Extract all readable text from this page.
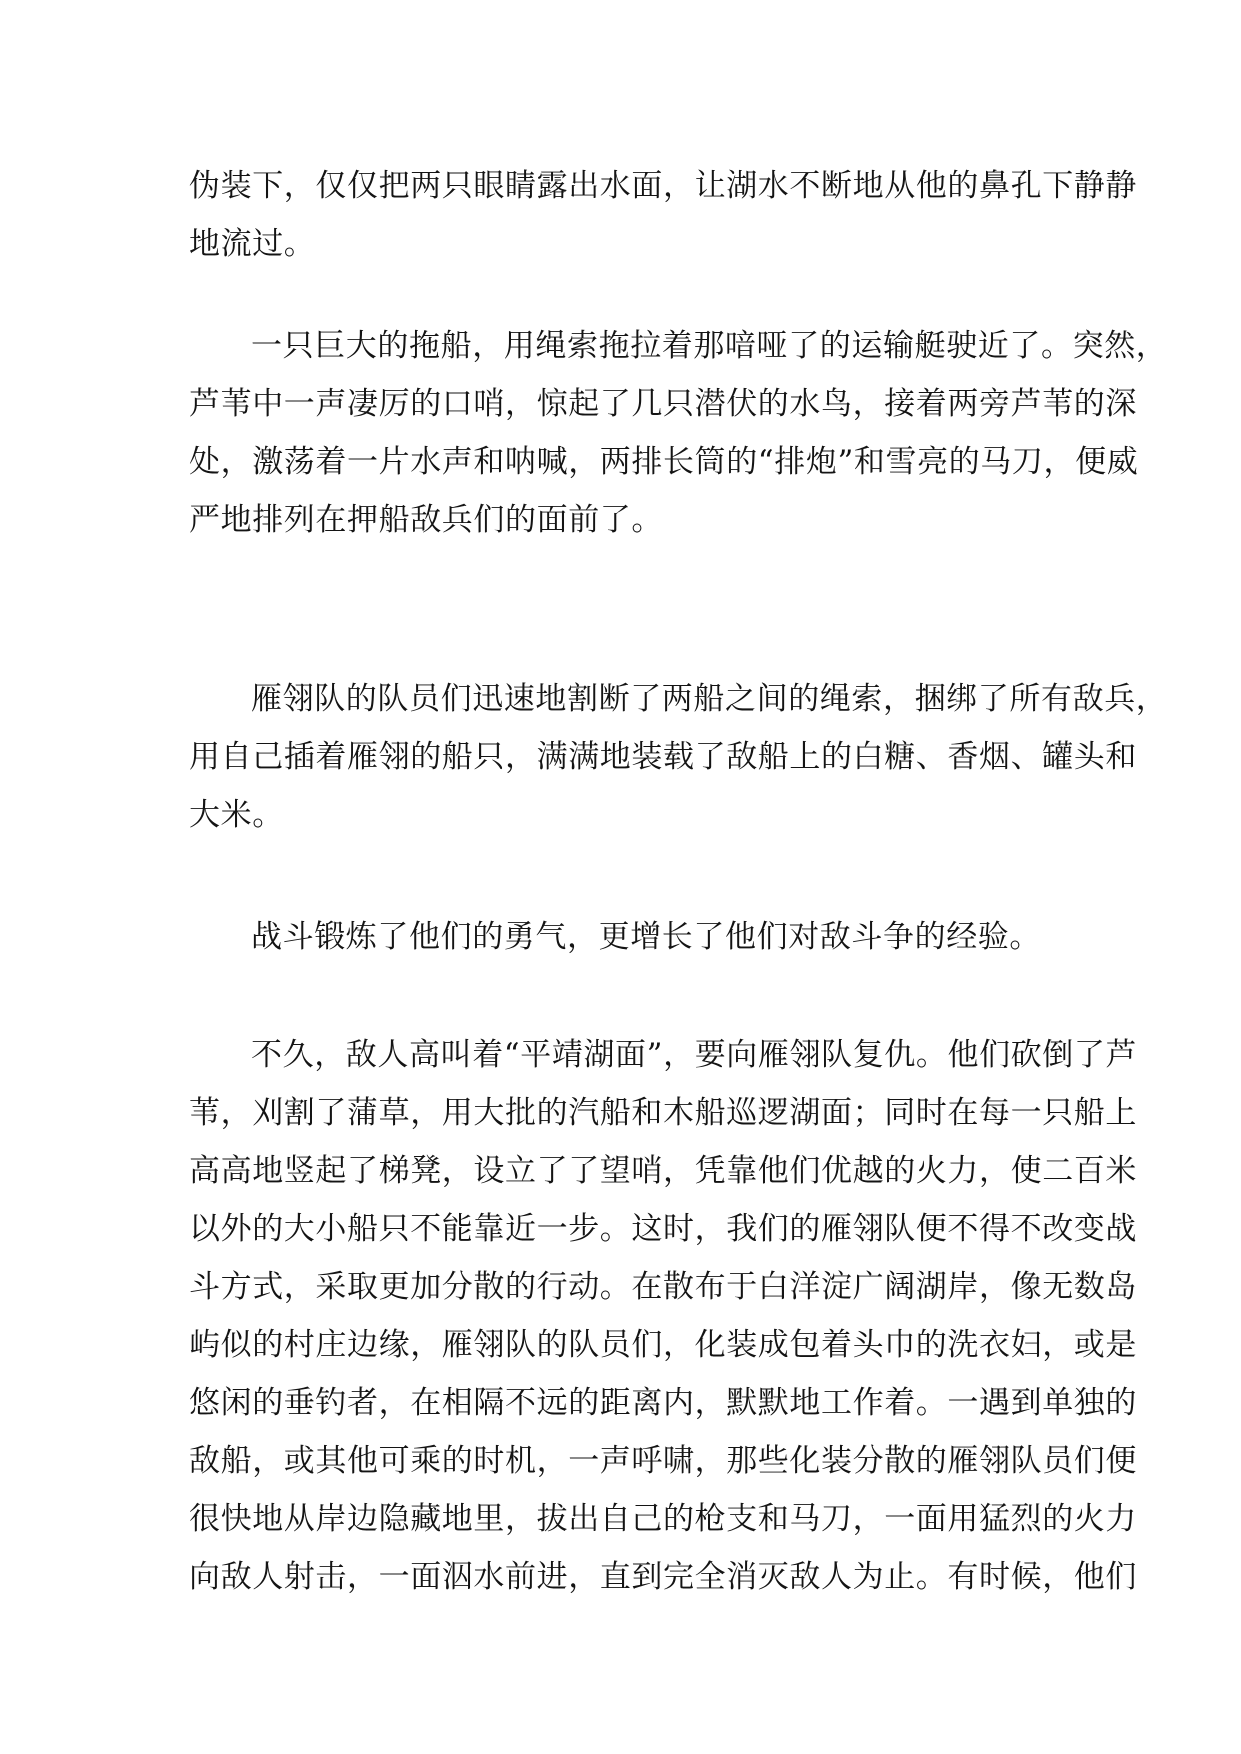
伪装下，仅仅把两只眼睛露出水面，让湖水不断地从他的鼻孔下静静
地流过。

一只巨大的拖船，用绳索拖拉着那喑哑了的运输艇驶近了。突然，
芦苇中一声凄厉的口哨，惊起了几只潜伏的水鸟，接着两旁芦苇的深
处，激荡着一片水声和呐喊，两排长筒的“排炮”和雪亮的马刀，便威
严地排列在押船敌兵们的面前了。

雁翎队的队员们迅速地割断了两船之间的绳索，捆绑了所有敌兵，
用自己插着雁翎的船只，满满地装载了敌船上的白糖、香烟、罐头和
大米。

战斗锻炼了他们的勇气，更增长了他们对敌斗争的经验。

不久，敌人高叫着“平靖湖面”，要向雁翎队复仇。他们砍倒了芦
苇，刈割了蒲草，用大批的汽船和木船巡逻湖面；同时在每一只船上
高高地竖起了梯凳，设立了了望哨，凭靠他们优越的火力，使二百米
以外的大小船只不能靠近一步。这时，我们的雁翎队便不得不改变战
斗方式，采取更加分散的行动。在散布于白洋淀广阔湖岸，像无数岛
屿似的村庄边缘，雁翎队的队员们，化装成包着头巾的洗衣妇，或是
悠闲的垂钓者，在相隔不远的距离内，默默地工作着。一遇到单独的
敌船，或其他可乘的时机，一声呼啸，那些化装分散的雁翎队员们便
很快地从岸边隐藏地里，拔出自己的枪支和马刀，一面用猛烈的火力
向敌人射击，一面泅水前进，直到完全消灭敌人为止。有时候，他们
